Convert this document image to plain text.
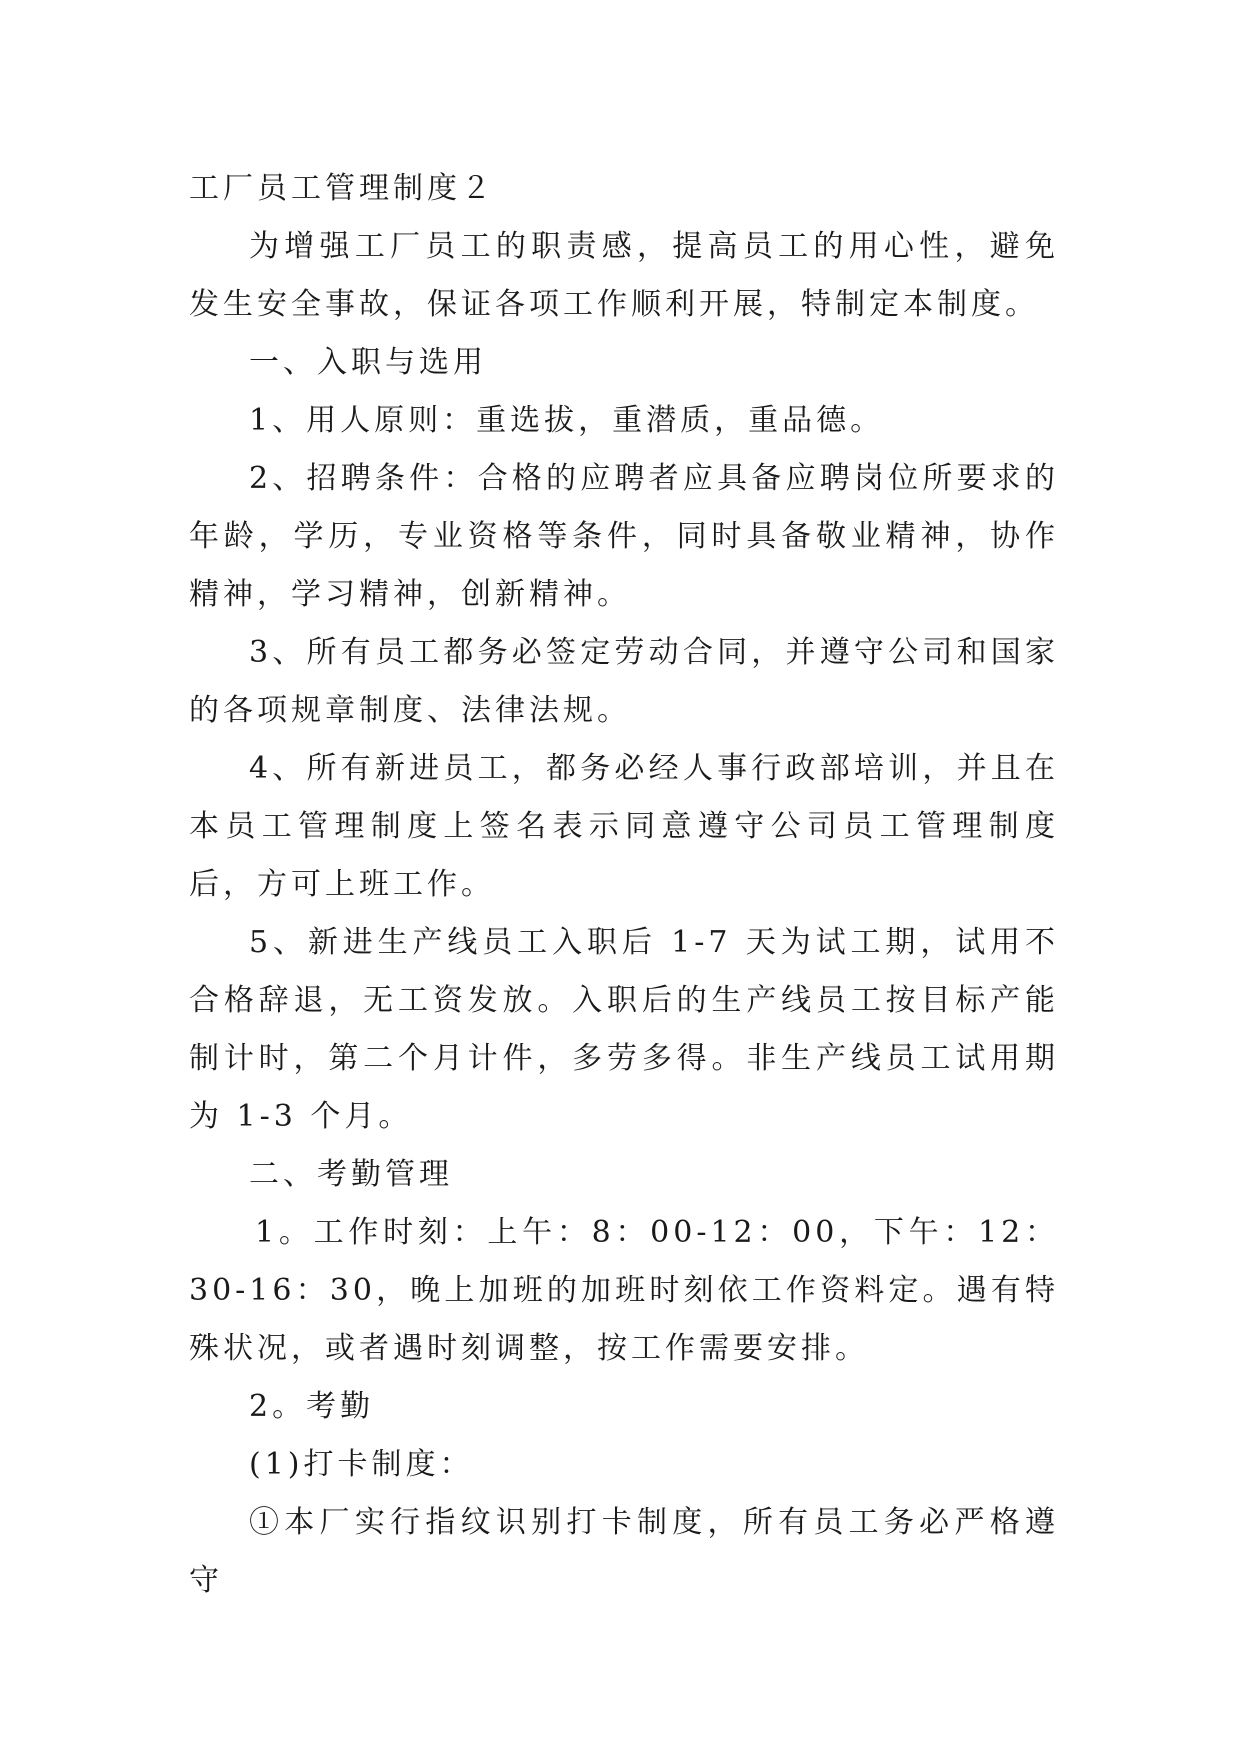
工厂员工管理制度２

为增强工厂员工的职责感，提高员工的用心性，避免发生安全事故，保证各项工作顺利开展，特制定本制度。

一、入职与选用

1、用人原则：重选拔，重潜质，重品德。

2、招聘条件：合格的应聘者应具备应聘岗位所要求的年龄，学历，专业资格等条件，同时具备敬业精神，协作精神，学习精神，创新精神。

3、所有员工都务必签定劳动合同，并遵守公司和国家的各项规章制度、法律法规。

4、所有新进员工，都务必经人事行政部培训，并且在本员工管理制度上签名表示同意遵守公司员工管理制度后，方可上班工作。

5、新进生产线员工入职后 1-7 天为试工期，试用不合格辞退，无工资发放。入职后的生产线员工按目标产能制计时，第二个月计件，多劳多得。非生产线员工试用期为 1-3 个月。

二、考勤管理

1。工作时刻：上午：8：00-12：00，下午：12：30-16：30，晚上加班的加班时刻依工作资料定。遇有特殊状况，或者遇时刻调整，按工作需要安排。

2。考勤

(1)打卡制度：

①本厂实行指纹识别打卡制度，所有员工务必严格遵守
